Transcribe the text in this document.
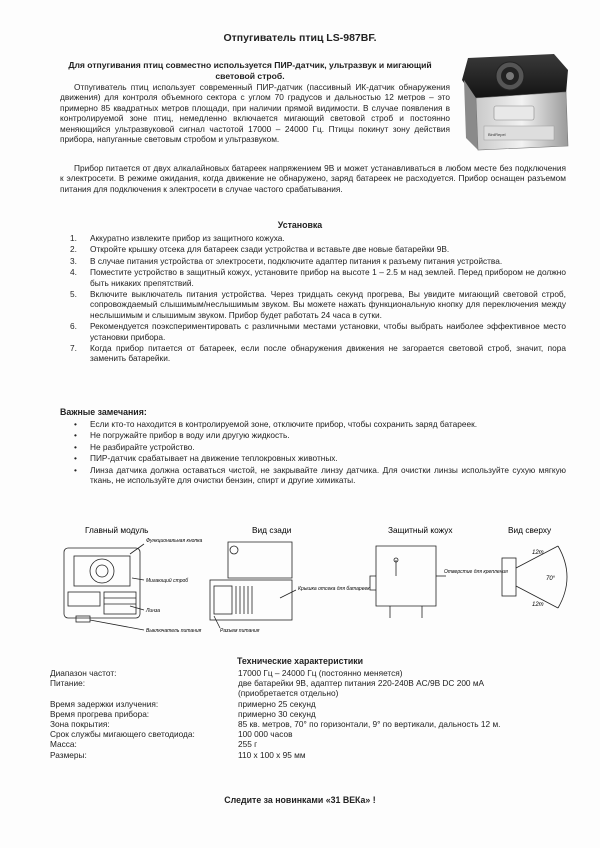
Отпугиватель птиц LS-987BF.
Для отпугивания птиц совместно используется ПИР-датчик, ультразвук и мигающий световой строб.

Отпугиватель птиц использует современный ПИР-датчик (пассивный ИК-датчик обнаружения движения) для контроля объемного сектора с углом 70 градусов и дальностью 12 метров – это примерно 85 квадратных метров площади, при наличии прямой видимости. В случае появления в контролируемой зоне птиц, немедленно включается мигающий световой строб и постоянно меняющийся ультразвуковой сигнал частотой 17000 – 24000 Гц. Птицы покинут зону действия прибора, напуганные световым стробом и ультразвуком.	BirdRepel

Прибор питается от двух алкалайновых батареек напряжением 9В и может устанавливаться в любом месте без подключения к электросети. В режиме ожидания, когда движение не обнаружено, заряд батареек не расходуется. Прибор оснащен разъемом питания для подключения к электросети в случае частого срабатывания.

Установка
1. Аккуратно извлеките прибор из защитного кожуха.
2. Откройте крышку отсека для батареек сзади устройства и вставьте две новые батарейки 9В.
3. В случае питания устройства от электросети, подключите адаптер питания к разъему питания устройства.
4. Поместите устройство в защитный кожух, установите прибор на высоте 1 – 2.5 м над землей. Перед прибором не должно быть никаких препятствий.
5. Включите выключатель питания устройства. Через тридцать секунд прогрева, Вы увидите мигающий световой строб, сопровождаемый слышимым/неслышимым звуком. Вы можете нажать функциональную кнопку для переключения между неслышимым и слышимым звуком. Прибор будет работать 24 часа в сутки.
6. Рекомендуется поэкспериментировать с различными местами установки, чтобы выбрать наиболее эффективное место установки прибора.
7. Когда прибор питается от батареек, если после обнаружения движения не загорается световой строб, значит, пора заменить батарейки.
Важные замечания:
• Если кто-то находится в контролируемой зоне, отключите прибор, чтобы сохранить заряд батареек.
• Не погружайте прибор в воду или другую жидкость.
• Не разбирайте устройство.
• ПИР-датчик срабатывает на движение теплокровных животных.
• Линза датчика должна оставаться чистой, не закрывайте линзу датчика. Для очистки линзы используйте сухую мягкую ткань, не используйте для очистки бензин, спирт и другие химикаты.
Главный модуль	Вид сзади	Защитный кожух	Вид сверху
Функциональная кнопка
Мигающий строб
Линза
Выключатель питания
Крышка отсека для батареек
Разъем питания
Отверстие для крепления
12m
70°
12m
Технические характеристики
Диапазон частот:	17000 Гц – 24000 Гц (постоянно меняется)
Питание:	две батарейки 9В, адаптер питания 220-240В AC/9В DC 200 мА
(приобретается отдельно)
Время задержки излучения:	примерно 25 секунд
Время прогрева прибора:	примерно 30 секунд
Зона покрытия:	85 кв. метров, 70° по горизонтали, 9° по вертикали, дальность 12 м.
Срок службы мигающего светодиода:	100 000 часов
Масса:	255 г
Размеры:	110 х 100 х 95 мм
Следите за новинками «31 ВЕКа» !
